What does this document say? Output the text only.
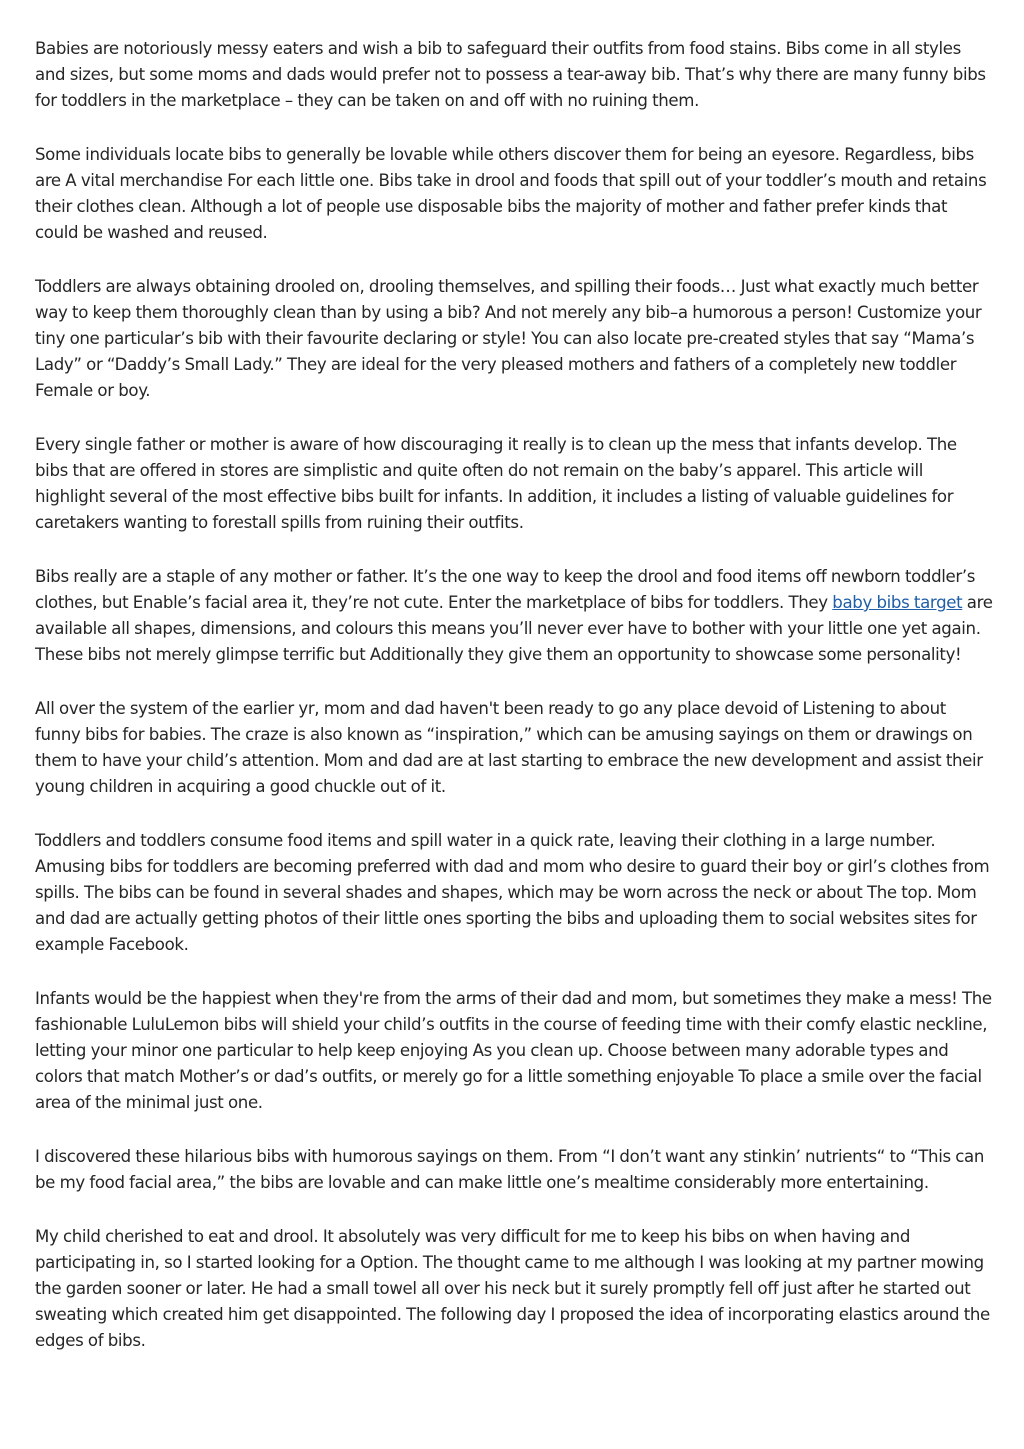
Babies are notoriously messy eaters and wish a bib to safeguard their outfits from food stains. Bibs come in all styles and sizes, but some moms and dads would prefer not to possess a tear-away bib. That’s why there are many funny bibs for toddlers in the marketplace – they can be taken on and off with no ruining them.

Some individuals locate bibs to generally be lovable while others discover them for being an eyesore. Regardless, bibs are A vital merchandise For each little one. Bibs take in drool and foods that spill out of your toddler’s mouth and retains their clothes clean. Although a lot of people use disposable bibs the majority of mother and father prefer kinds that could be washed and reused.

Toddlers are always obtaining drooled on, drooling themselves, and spilling their foods… Just what exactly much better way to keep them thoroughly clean than by using a bib? And not merely any bib–a humorous a person! Customize your tiny one particular’s bib with their favourite declaring or style! You can also locate pre-created styles that say “Mama’s Lady” or “Daddy’s Small Lady.” They are ideal for the very pleased mothers and fathers of a completely new toddler Female or boy.

Every single father or mother is aware of how discouraging it really is to clean up the mess that infants develop. The bibs that are offered in stores are simplistic and quite often do not remain on the baby’s apparel. This article will highlight several of the most effective bibs built for infants. In addition, it includes a listing of valuable guidelines for caretakers wanting to forestall spills from ruining their outfits.

Bibs really are a staple of any mother or father. It’s the one way to keep the drool and food items off newborn toddler’s clothes, but Enable’s facial area it, they’re not cute. Enter the marketplace of bibs for toddlers. They baby bibs target are available all shapes, dimensions, and colours this means you’ll never ever have to bother with your little one yet again. These bibs not merely glimpse terrific but Additionally they give them an opportunity to showcase some personality!

All over the system of the earlier yr, mom and dad haven't been ready to go any place devoid of Listening to about funny bibs for babies. The craze is also known as “inspiration,” which can be amusing sayings on them or drawings on them to have your child’s attention. Mom and dad are at last starting to embrace the new development and assist their young children in acquiring a good chuckle out of it.

Toddlers and toddlers consume food items and spill water in a quick rate, leaving their clothing in a large number. Amusing bibs for toddlers are becoming preferred with dad and mom who desire to guard their boy or girl’s clothes from spills. The bibs can be found in several shades and shapes, which may be worn across the neck or about The top. Mom and dad are actually getting photos of their little ones sporting the bibs and uploading them to social websites sites for example Facebook.

Infants would be the happiest when they're from the arms of their dad and mom, but sometimes they make a mess! The fashionable LuluLemon bibs will shield your child’s outfits in the course of feeding time with their comfy elastic neckline, letting your minor one particular to help keep enjoying As you clean up. Choose between many adorable types and colors that match Mother’s or dad’s outfits, or merely go for a little something enjoyable To place a smile over the facial area of the minimal just one.

I discovered these hilarious bibs with humorous sayings on them. From “I don’t want any stinkin’ nutrients“ to “This can be my food facial area,” the bibs are lovable and can make little one’s mealtime considerably more entertaining.

My child cherished to eat and drool. It absolutely was very difficult for me to keep his bibs on when having and participating in, so I started looking for a Option. The thought came to me although I was looking at my partner mowing the garden sooner or later. He had a small towel all over his neck but it surely promptly fell off just after he started out sweating which created him get disappointed. The following day I proposed the idea of incorporating elastics around the edges of bibs.
